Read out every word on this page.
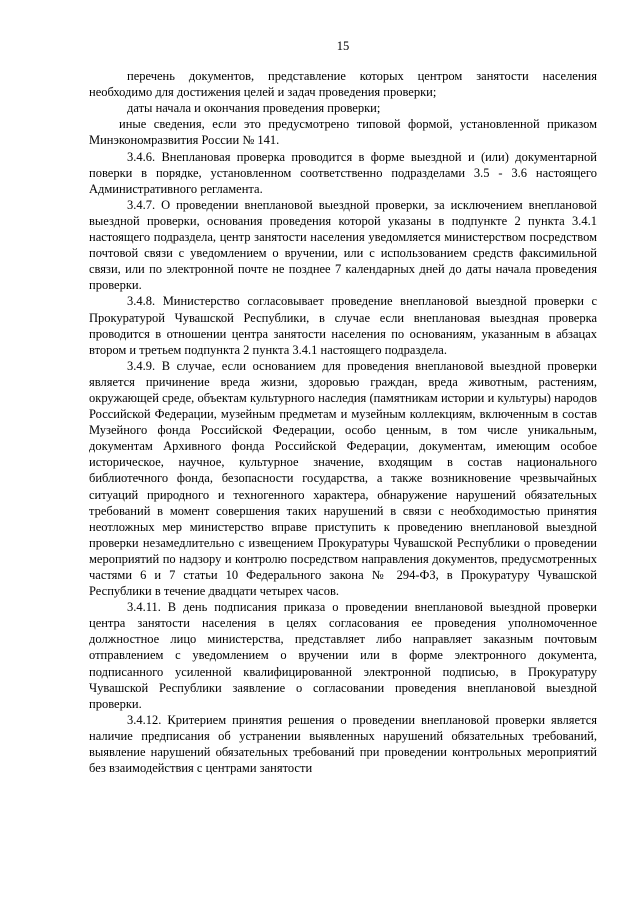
15

перечень документов, представление которых центром занятости населения необходимо для достижения целей и задач проведения проверки;

даты начала и окончания проведения проверки;

иные сведения, если это предусмотрено типовой формой, установленной приказом Минэкономразвития России № 141.

3.4.6. Внеплановая проверка проводится в форме выездной и (или) документарной поверки в порядке, установленном соответственно подразделами 3.5 - 3.6 настоящего Административного регламента.

3.4.7. О проведении внеплановой выездной проверки, за исключением внеплановой выездной проверки, основания проведения которой указаны в подпункте 2 пункта 3.4.1 настоящего подраздела, центр занятости населения уведомляется министерством посредством почтовой связи с уведомлением о вручении, или с использованием средств факсимильной связи, или по электронной почте не позднее 7 календарных дней до даты начала проведения проверки.

3.4.8. Министерство согласовывает проведение внеплановой выездной проверки с Прокуратурой Чувашской Республики, в случае если внеплановая выездная проверка проводится в отношении центра занятости населения по основаниям, указанным в абзацах втором и третьем подпункта 2 пункта 3.4.1 настоящего подраздела.

3.4.9. В случае, если основанием для проведения внеплановой выездной проверки является причинение вреда жизни, здоровью граждан, вреда животным, растениям, окружающей среде, объектам культурного наследия (памятникам истории и культуры) народов Российской Федерации, музейным предметам и музейным коллекциям, включенным в состав Музейного фонда Российской Федерации, особо ценным, в том числе уникальным, документам Архивного фонда Российской Федерации, документам, имеющим особое историческое, научное, культурное значение, входящим в состав национального библиотечного фонда, безопасности государства, а также возникновение чрезвычайных ситуаций природного и техногенного характера, обнаружение нарушений обязательных требований в момент совершения таких нарушений в связи с необходимостью принятия неотложных мер министерство вправе приступить к проведению внеплановой выездной проверки незамедлительно с извещением Прокуратуры Чувашской Республики о проведении мероприятий по надзору и контролю посредством направления документов, предусмотренных частями 6 и 7 статьи 10 Федерального закона № 294-ФЗ, в Прокуратуру Чувашской Республики в течение двадцати четырех часов.

3.4.11. В день подписания приказа о проведении внеплановой выездной проверки центра занятости населения в целях согласования ее проведения уполномоченное должностное лицо министерства, представляет либо направляет заказным почтовым отправлением с уведомлением о вручении или в форме электронного документа, подписанного усиленной квалифицированной электронной подписью, в Прокуратуру Чувашской Республики заявление о согласовании проведения внеплановой выездной проверки.

3.4.12. Критерием принятия решения о проведении внеплановой проверки является наличие предписания об устранении выявленных нарушений обязательных требований, выявление нарушений обязательных требований при проведении контрольных мероприятий без взаимодействия с центрами занятости
